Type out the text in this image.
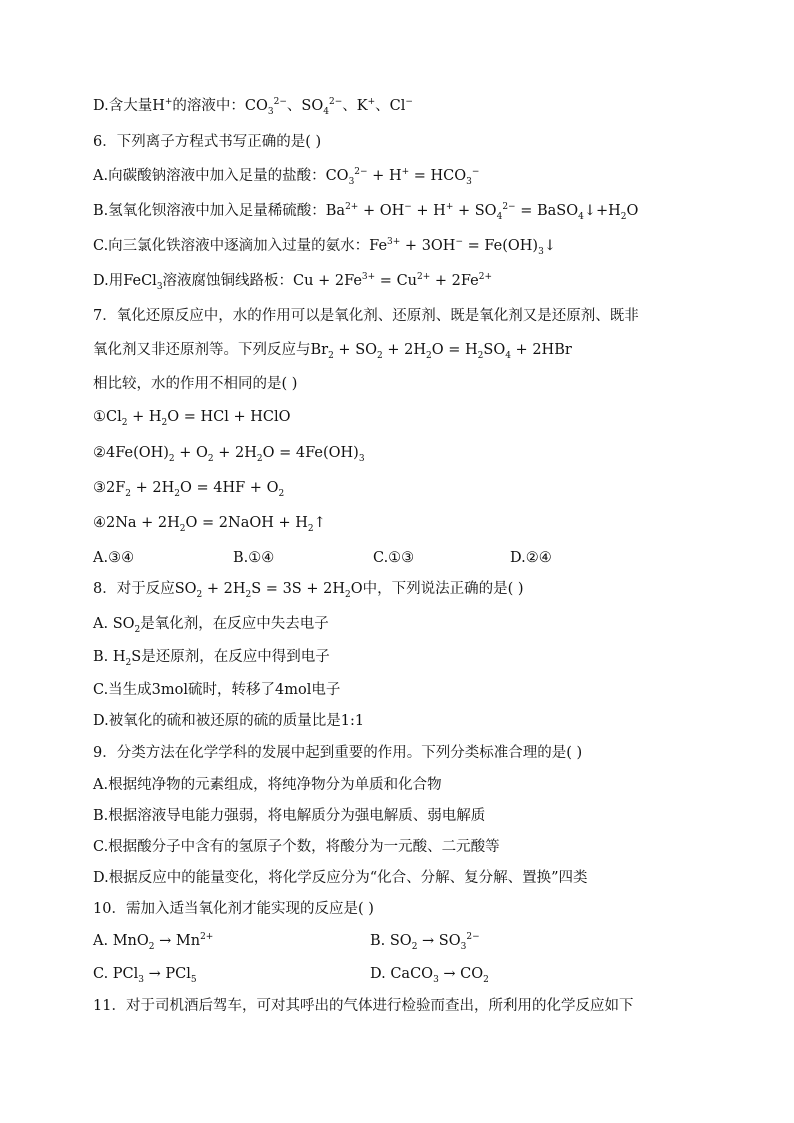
D.含大量H+的溶液中：$CO_3^{2-}$、$SO_4^{2-}$、K+、Cl−
6．下列离子方程式书写正确的是( )
A.向碳酸钠溶液中加入足量的盐酸：$CO_3^{2-} + H^+ = HCO_3^-$
B.氢氧化钡溶液中加入足量稀硫酸：$Ba^{2+} + OH^- + H^+ + SO_4^{2-}$ = $BaSO_4↓+H_2O$
C.向三氯化铁溶液中逐滴加入过量的氨水：$Fe^{3+} + 3OH^-$ = $Fe(OH)_3↓$
D.用FeCl$_3$溶液腐蚀铜线路板：$Cu + 2Fe^{3+} = Cu^{2+} + 2Fe^{2+}$
7．氧化还原反应中，水的作用可以是氧化剂、还原剂、既是氧化剂又是还原剂、既非
氧化剂又非还原剂等。下列反应与$Br_2 + SO_2 + 2H_2O = H_2SO_4 + 2HBr$
相比较，水的作用不相同的是( )
$①Cl_2 + H_2O$ = HCl + HClO
$②4Fe(OH)_2 + O_2 + 2H_2O = 4Fe(OH)_3$
$③2F_2 + 2H_2O = 4HF + O_2$
④2Na + $2H_2O$ = 2NaOH + $H_2↑$
A.③④	B.①④	C.①③	D.②④
8．对于反应$SO_2 + 2H_2S = 3S + 2H_2O$中，下列说法正确的是( )
A. $SO_2$是氧化剂，在反应中失去电子
B. $H_2S$是还原剂，在反应中得到电子
C.当生成3mol硫时，转移了4mol电子
D.被氧化的硫和被还原的硫的质量比是1:1
9．分类方法在化学学科的发展中起到重要的作用。下列分类标准合理的是( )
A.根据纯净物的元素组成，将纯净物分为单质和化合物
B.根据溶液导电能力强弱，将电解质分为强电解质、弱电解质
C.根据酸分子中含有的氢原子个数，将酸分为一元酸、二元酸等
D.根据反应中的能量变化，将化学反应分为“化合、分解、复分解、置换”四类
10．需加入适当氧化剂才能实现的反应是( )
A. $MnO_2 \to Mn^{2+}$	B. $SO_2 \to SO_3^{2-}$
C. PCl$_3$ → PCl$_5$	D. CaCO$_3$ → $CO_2$
11．对于司机酒后驾车，可对其呼出的气体进行检验而查出，所利用的化学反应如下
